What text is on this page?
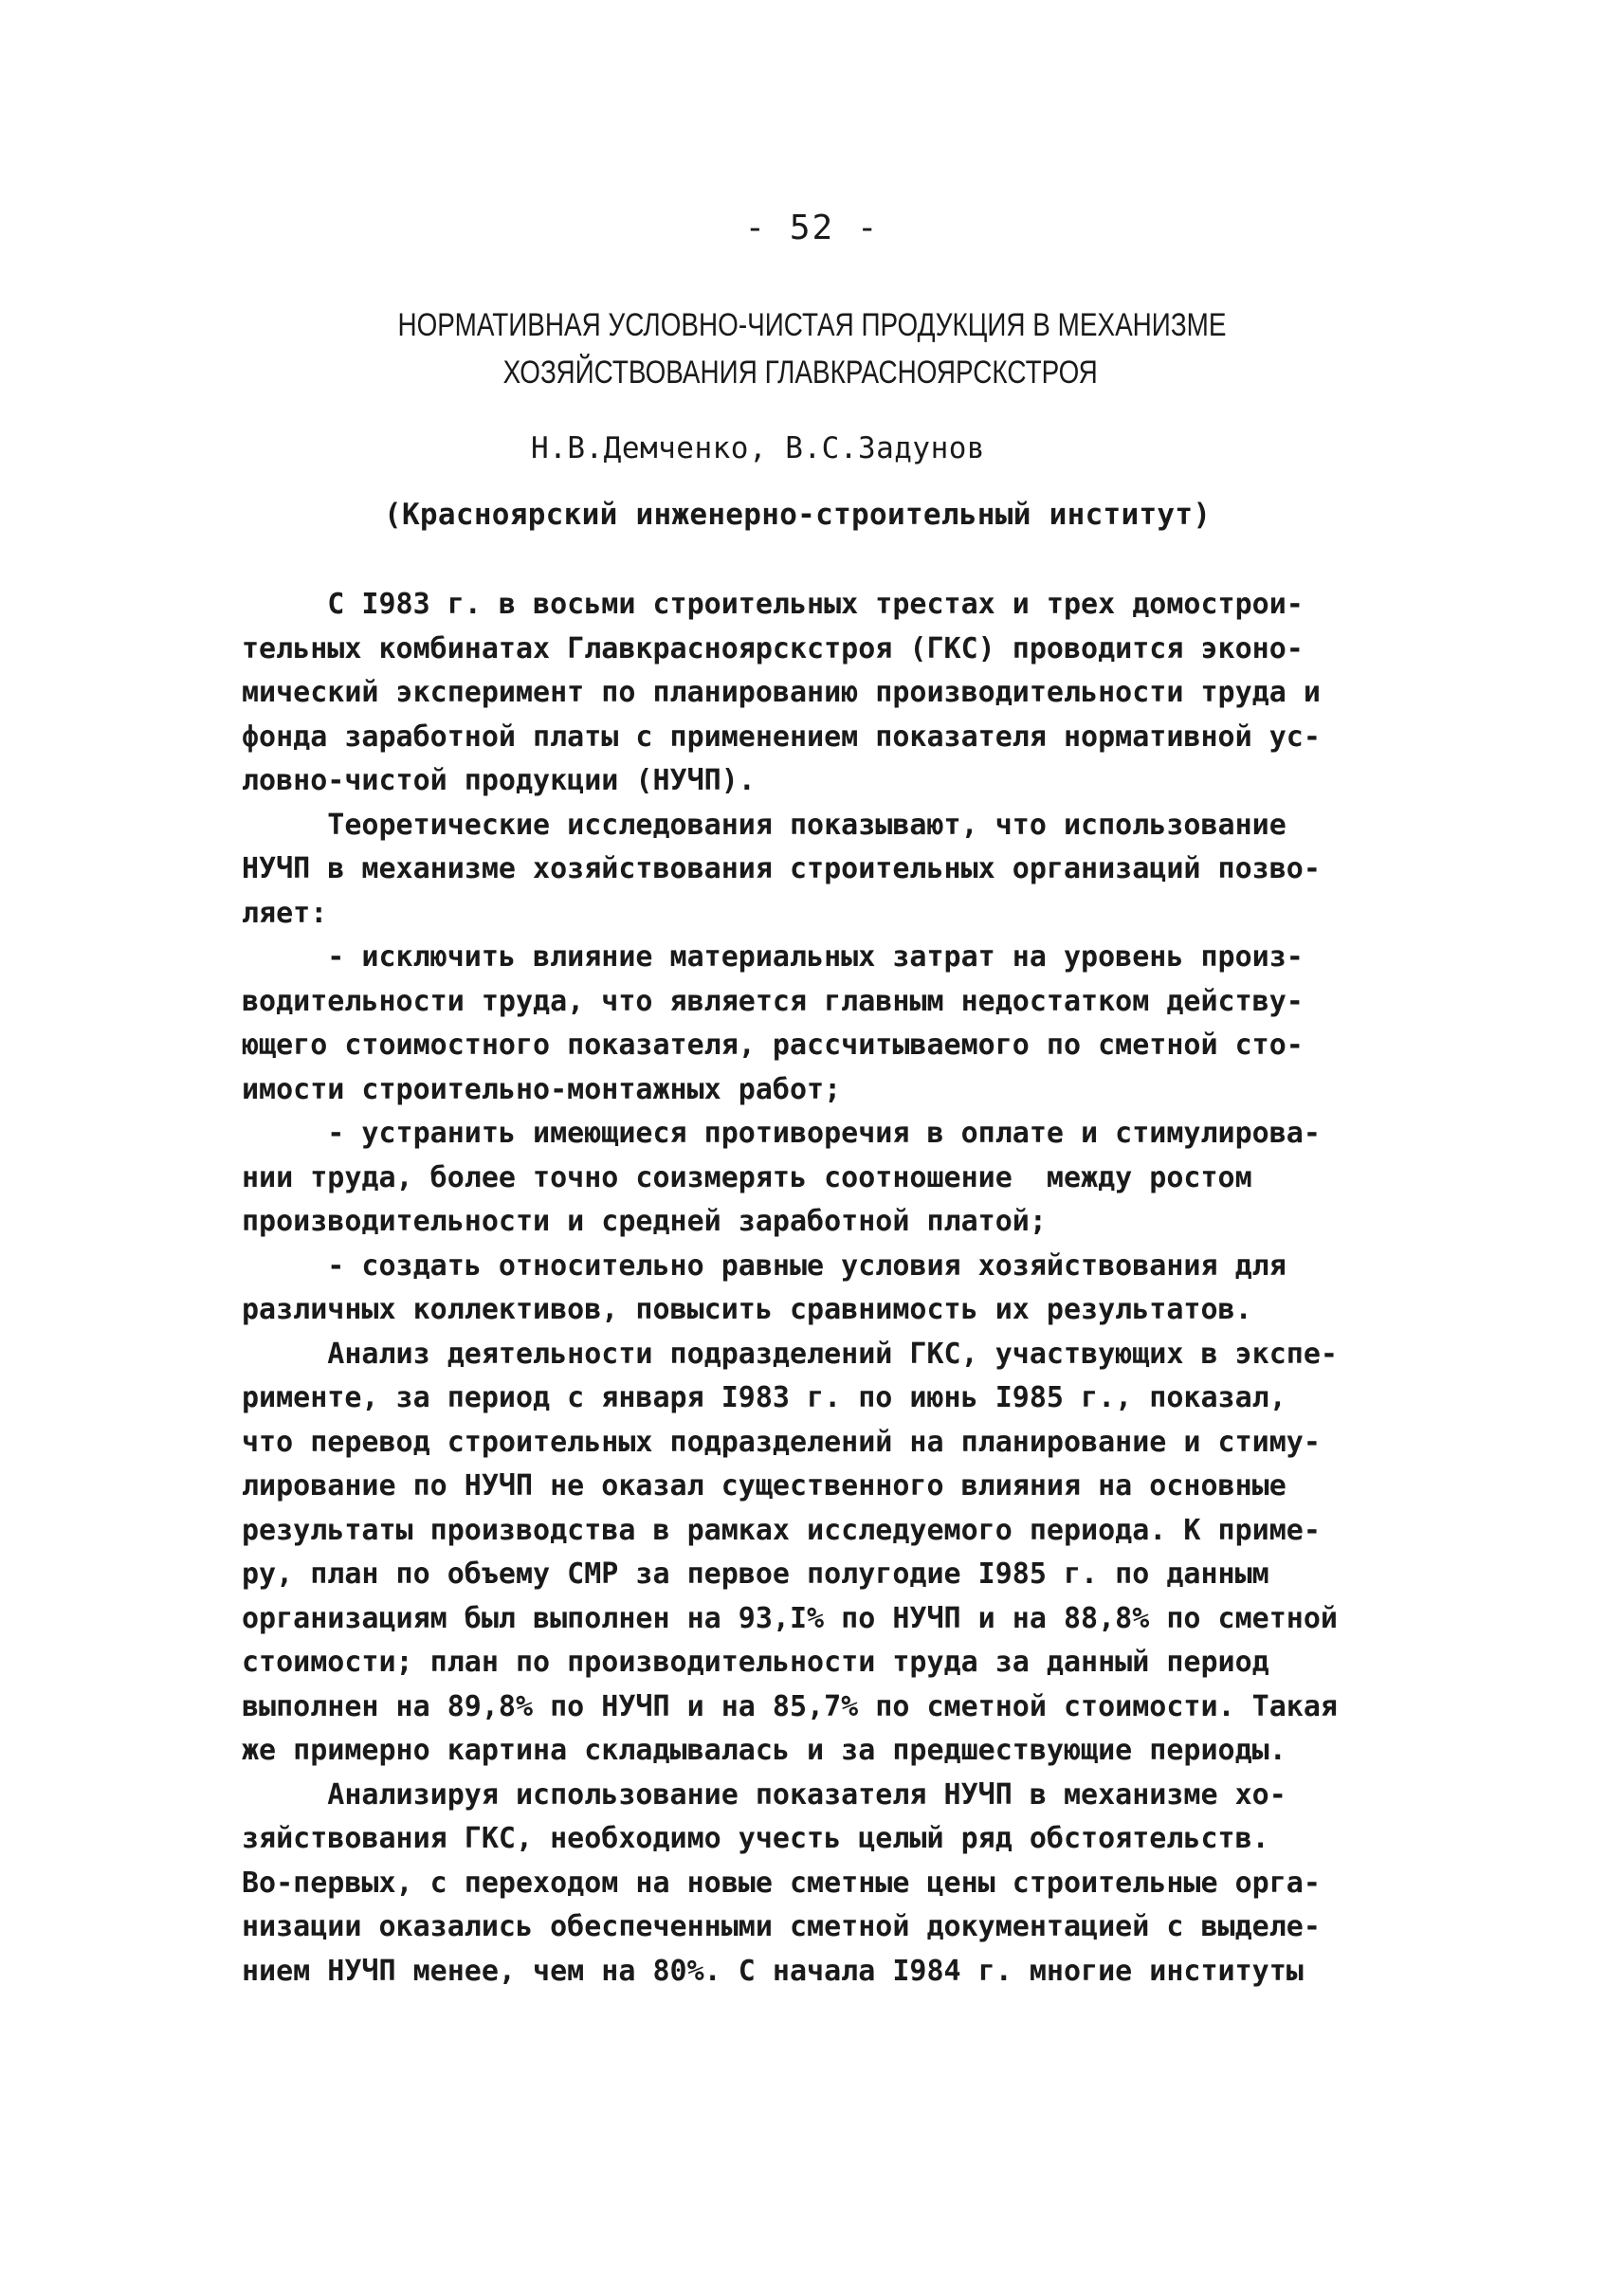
- 52 -
НОРМАТИВНАЯ УСЛОВНО-ЧИСТАЯ ПРОДУКЦИЯ В МЕХАНИЗМЕ
ХОЗЯЙСТВОВАНИЯ ГЛАВКРАСНОЯРСКСТРОЯ
Н.В.Демченко, В.С.Задунов
(Красноярский инженерно-строительный институт)
С I983 г. в восьми строительных трестах и трех домострои-
тельных комбинатах Главкрасноярскстроя (ГКС) проводится эконо-
мический эксперимент по планированию производительности труда и
фонда заработной платы с применением показателя нормативной ус-
ловно-чистой продукции (НУЧП).
Теоретические исследования показывают, что использование
НУЧП в механизме хозяйствования строительных организаций позво-
ляет:
- исключить влияние материальных затрат на уровень произ-
водительности труда, что является главным недостатком действу-
ющего стоимостного показателя, рассчитываемого по сметной сто-
имости строительно-монтажных работ;
- устранить имеющиеся противоречия в оплате и стимулирова-
нии труда, более точно соизмерять соотношение  между ростом
производительности и средней заработной платой;
- создать относительно равные условия хозяйствования для
различных коллективов, повысить сравнимость их результатов.
Анализ деятельности подразделений ГКС, участвующих в экспе-
рименте, за период с января I983 г. по июнь I985 г., показал,
что перевод строительных подразделений на планирование и стиму-
лирование по НУЧП не оказал существенного влияния на основные
результаты производства в рамках исследуемого периода. К приме-
ру, план по объему СМР за первое полугодие I985 г. по данным
организациям был выполнен на 93,I% по НУЧП и на 88,8% по сметной
стоимости; план по производительности труда за данный период
выполнен на 89,8% по НУЧП и на 85,7% по сметной стоимости. Такая
же примерно картина складывалась и за предшествующие периоды.
Анализируя использование показателя НУЧП в механизме хо-
зяйствования ГКС, необходимо учесть целый ряд обстоятельств.
Во-первых, с переходом на новые сметные цены строительные орга-
низации оказались обеспеченными сметной документацией с выделе-
нием НУЧП менее, чем на 80%. С начала I984 г. многие институты
